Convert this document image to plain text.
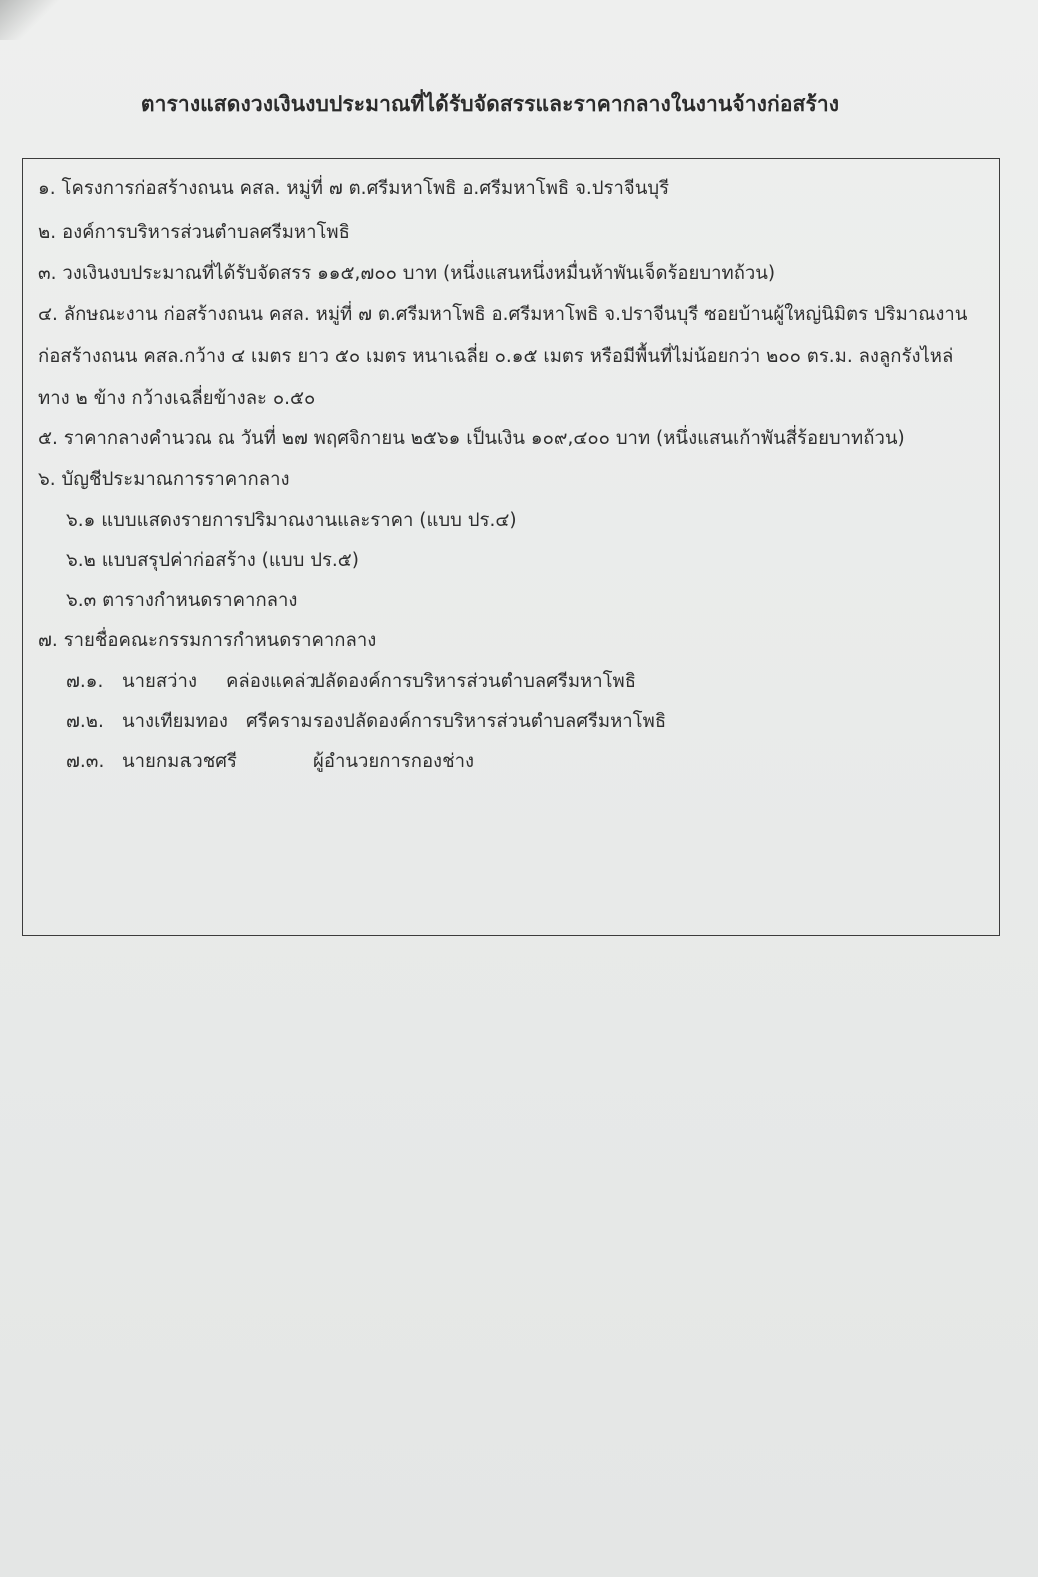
ตารางแสดงวงเงินงบประมาณที่ได้รับจัดสรรและราคากลางในงานจ้างก่อสร้าง
๑. โครงการก่อสร้างถนน คสล. หมู่ที่ ๗ ต.ศรีมหาโพธิ อ.ศรีมหาโพธิ จ.ปราจีนบุรี
๒. องค์การบริหารส่วนตำบลศรีมหาโพธิ
๓. วงเงินงบประมาณที่ได้รับจัดสรร ๑๑๕,๗๐๐ บาท (หนึ่งแสนหนึ่งหมื่นห้าพันเจ็ดร้อยบาทถ้วน)
๔. ลักษณะงาน ก่อสร้างถนน คสล. หมู่ที่ ๗ ต.ศรีมหาโพธิ อ.ศรีมหาโพธิ จ.ปราจีนบุรี ซอยบ้านผู้ใหญ่นิมิตร ปริมาณงาน
ก่อสร้างถนน คสล.กว้าง ๔ เมตร ยาว ๕๐ เมตร หนาเฉลี่ย ๐.๑๕ เมตร หรือมีพื้นที่ไม่น้อยกว่า ๒๐๐ ตร.ม. ลงลูกรังไหล่
ทาง ๒ ข้าง กว้างเฉลี่ยข้างละ ๐.๕๐
๕. ราคากลางคำนวณ ณ วันที่ ๒๗ พฤศจิกายน ๒๕๖๑ เป็นเงิน ๑๐๙,๔๐๐ บาท (หนึ่งแสนเก้าพันสี่ร้อยบาทถ้วน)
๖. บัญชีประมาณการราคากลาง
๖.๑ แบบแสดงรายการปริมาณงานและราคา (แบบ ปร.๔)
๖.๒ แบบสรุปค่าก่อสร้าง (แบบ ปร.๕)
๖.๓ ตารางกำหนดราคากลาง
๗. รายชื่อคณะกรรมการกำหนดราคากลาง
๗.๑. นายสว่าง คล่องแคล่ว
ปลัดองค์การบริหารส่วนตำบลศรีมหาโพธิ
๗.๒. นางเทียมทอง ศรีคราม รองปลัดองค์การบริหารส่วนตำบลศรีมหาโพธิ
๗.๓. นายกมล
เวชศรี	ผู้อำนวยการกองช่าง
